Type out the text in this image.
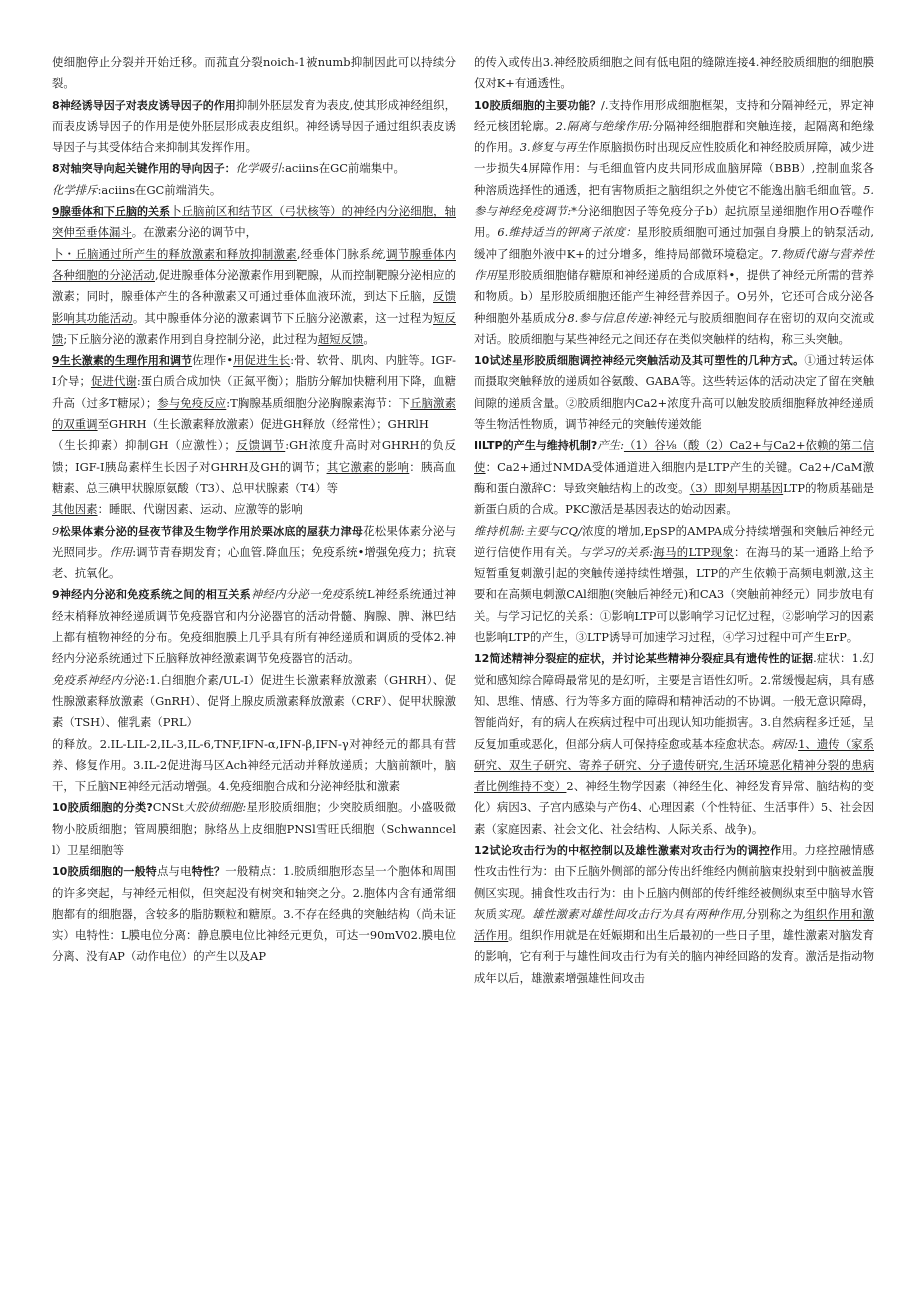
使细胞停止分裂并开始迁移。而菰直分裂noich-1被numb抑制因此可以持续分裂。

8神经诱导因子对表皮诱导因子的作用抑制外胚层发育为表皮,使其形成神经组织，而表皮诱导因子的作用是使外胚层形成表皮组织。神经诱导因子通过组织表皮诱导因子与其受体结合来抑制其发挥作用。

8对轴突导向起关键作用的导向因子：化学吸引:aciins在GC前端集中。
化学排斥:aciins在GC前端消失。

9腺垂体和下丘脑的关系卜丘脑前区和结节区（弓状核等）的神经内分泌细胞，轴突伸至垂体漏斗。在激素分泌的调节中，
卜・丘脑通过所产生的释放激素和释放抑制激素,经垂体门脉系统,调节腺垂体内各种细胞的分泌活动,促进腺垂体分泌激素作用到靶腺，从而控制靶腺分泌相应的激素；同时，腺垂体产生的各种激素又可通过垂体血液环流，到达下丘脑，反馈影响其功能活动。其中腺垂体分泌的激素调节下丘脑分泌激素，这一过程为短反馈;下丘脑分泌的激素作用到自身控制分泌，此过程为超短反馈。

9生长激素的生理作用和调节佐理作•用促进生长:骨、软骨、肌肉、内脏等。IGF-I介导；促进代谢:蛋白质合成加快（正氮平衡）；脂肪分解加快糖利用下降，血糖升高（过多T糖尿）；参与免疫反应:T胸腺基质细胞分泌胸腺素海节：下丘脑激素的双重调至GHRH（生长激素释放激素）促进GH释放（经常性）；GHRlH
（生长抑素）抑制GH（应激性）；反馈调节:GH浓度升高时对GHRH的负反馈；IGF-I胰岛素样生长因子对GHRH及GH的调节；其它激素的影响：胰高血糖素、总三碘甲状腺原氨酸（T3）、总甲状腺素（T4）等
其他因素：睡眠、代谢因素、运动、应激等的影响

9松果体素分泌的昼夜节律及生物学作用於栗冰底的屋获力津母花松果体素分泌与光照同步。作用:调节青春期发育；心血管.降血压；免疫系统•增强免疫力；抗衰老、抗氧化。

9神经内分泌和免疫系统之间的相互关系神经内分泌一免疫系统L神经系统通过神经末梢释放神经递质调节免疫器官和内分泌器官的活动骨髓、胸腺、脾、淋巴结上都有植物神经的分布。免疫细胞膜上几乎具有所有神经递质和调质的受体2.神经内分泌系统通过下丘脑释放神经激素调节免疫器官的活动。
免疫系神经内分泌:1.白细胞介素/UL-I）促进生长激素释放激素（GHRH）、促性腺激素释放激素（GnRH）、促肾上腺皮质激素释放激素（CRF）、促甲状腺激素（TSH）、催乳素（PRL）
的释放。2.IL-LIL-2,IL-3,IL-6,TNF,IFN-α,IFN-β,IFN-γ对神经元的都具有营养、修复作用。3.IL-2促进海马区Ach神经元活动并释放递质；大脑前额叶，脑干，下丘脑NE神经元活动增强。4.免疫细胞合成和分泌神经肽和激素

10胶质细胞的分类?CNSt大胶侦细胞:星形胶质细胞；少突胶质细胞。小盛吸微物小胶质细胞；管周膜细胞；脉络丛上皮细胞PNSl雪旺氏细胞（Schwanncell）卫星细胞等

10胶质细胞的一般特点与电特性？一般精点：1.胶质细胞形态呈一个胞体和周围的许多突起，与神经元相似，但突起没有树突和轴突之分。2.胞体内含有通常细胞都有的细胞器，含较多的脂肪颗粒和糖原。3.不存在经典的突触结构（尚未证实）电特性：L膜电位分离：静息膜电位比神经元更负，可达一90mV02.膜电位分离、没有AP（动作电位）的产生以及AP

的传入或传出3.神经胶质细胞之间有低电阻的缝隙连接4.神经胶质细胞的细胞膜仅对K+有通透性。

10胶质细胞的主要功能？/.支持作用形成细胞框架，支持和分隔神经元，界定神经元核团轮廓。2.隔离与绝缘作用:分隔神经细胞群和突触连接，起隔离和绝缘的作用。3.修复与再生作原脑损伤时出现反应性胶质化和神经胶质屏障，减少进一步损失4屏障作用：与毛细血管内皮共同形成血脑屏障（BBB）,控制血浆各种溶质选择性的通透，把有害物质拒之脑组织之外使它不能逸出脑毛细血管。5.参与神经免疫调节:*分泌细胞因子等免疫分子b）起抗原呈递细胞作用O吞噬作用。6.维持适当的钾离子浓度：星形胶质细胞可通过加强自身膜上的钠泵活动,缓冲了细胞外液中K+的过分增多，维持局部微环境稳定。7.物质代谢与营养性作用星形胶质细胞储存糖原和神经递质的合成原料•，提供了神经元所需的营养和物质。b）星形胶质细胞还能产生神经营养因子。O另外，它还可合成分泌各种细胞外基质成分8.参与信息传递:神经元与胶质细胞间存在密切的双向交流或对话。胶质细胞与某些神经元之间还存在类似突触样的结构，称三头突触。

10试述星形胶质细胞调控神经元突触活动及其可塑性的几种方式。①通过转运体而摄取突触释放的递质如谷氨酸、GABA等。这些转运体的活动决定了留在突触间隙的递质含量。②胶质细胞内Ca2+浓度升高可以触发胶质细胞释放神经递质等生物活性物质，调节神经元的突触传递效能

IlLTP的产生与维持机制?产生:（1）谷⅛（酸（2）Ca2+与Ca2+依赖的第二信使：Ca2+通过NMDA受体通道进入细胞内是LTP产生的关键。Ca2+/CaM激酶和蛋白激辞C：导致突触结构上的改变。（3）即刻早期基因LTP的物质基础是新蛋白质的合成。PKC激活是基因表达的始动因素。
维持机制:主要与CQ/浓度的增加,EpSP的AMPA成分持续增强和突触后神经元逆行信使作用有关。与学习的关系:海马的LTP现象：在海马的某一通路上给予短暂重复刺激引起的突触传递持续性增强，LTP的产生依赖于高频电刺激,这主要和在高频电刺激CAl细胞(突触后神经元)和CA3（突触前神经元）同步放电有关。与学习记忆的关系：①影响LTP可以影响学习记忆过程，②影响学习的因素也影响LTP的产生，③LTP诱导可加速学习过程，④学习过程中可产生ErP。

12简述精神分裂症的症状，并讨论某些精神分裂症具有遗传性的证据.症状：1.幻觉和感知综合障碍最常见的是幻听，主要是言语性幻听。2.常缓慢起病，具有感知、思维、情感、行为等多方面的障碍和精神活动的不协调。一般无意识障碍，智能尚好，有的病人在疾病过程中可出现认知功能损害。3.自然病程多迁延，呈反复加重或恶化，但部分病人可保持痊愈或基本痊愈状态。病因:1、遗传（家系研究、双生子研究、寄养子研究、分子遗传研究,生活环境恶化精神分裂的患病者比例维持不变）2、神经生物学因素（神经生化、神经发育异常、脑结构的变化）病因3、子宫内感染与产伤4、心理因素（个性特征、生活事件）5、社会因素（家庭因素、社会文化、社会结构、人际关系、战争)。

12试论攻击行为的中枢控制以及雄性激素对攻击行为的调控作用。力痉控融情感性攻击性行为：由下丘脑外侧部的部分传出纤维经内侧前脑束投射到中脑被盖腹侧区实现。捕食性攻击行为：由卜丘脑内侧部的传纤维经被侧纵束至中脑导水管灰质实现。雄性激素对雄性间攻击行为具有两种作用,分别称之为组织作用和激活作用。组织作用就是在妊娠期和出生后最初的一些日子里，雄性激素对脑发育的影响，它有利于与雄性间攻击行为有关的脑内神经回路的发育。激活是指动物成年以后，雄激素增强雄性间攻击
